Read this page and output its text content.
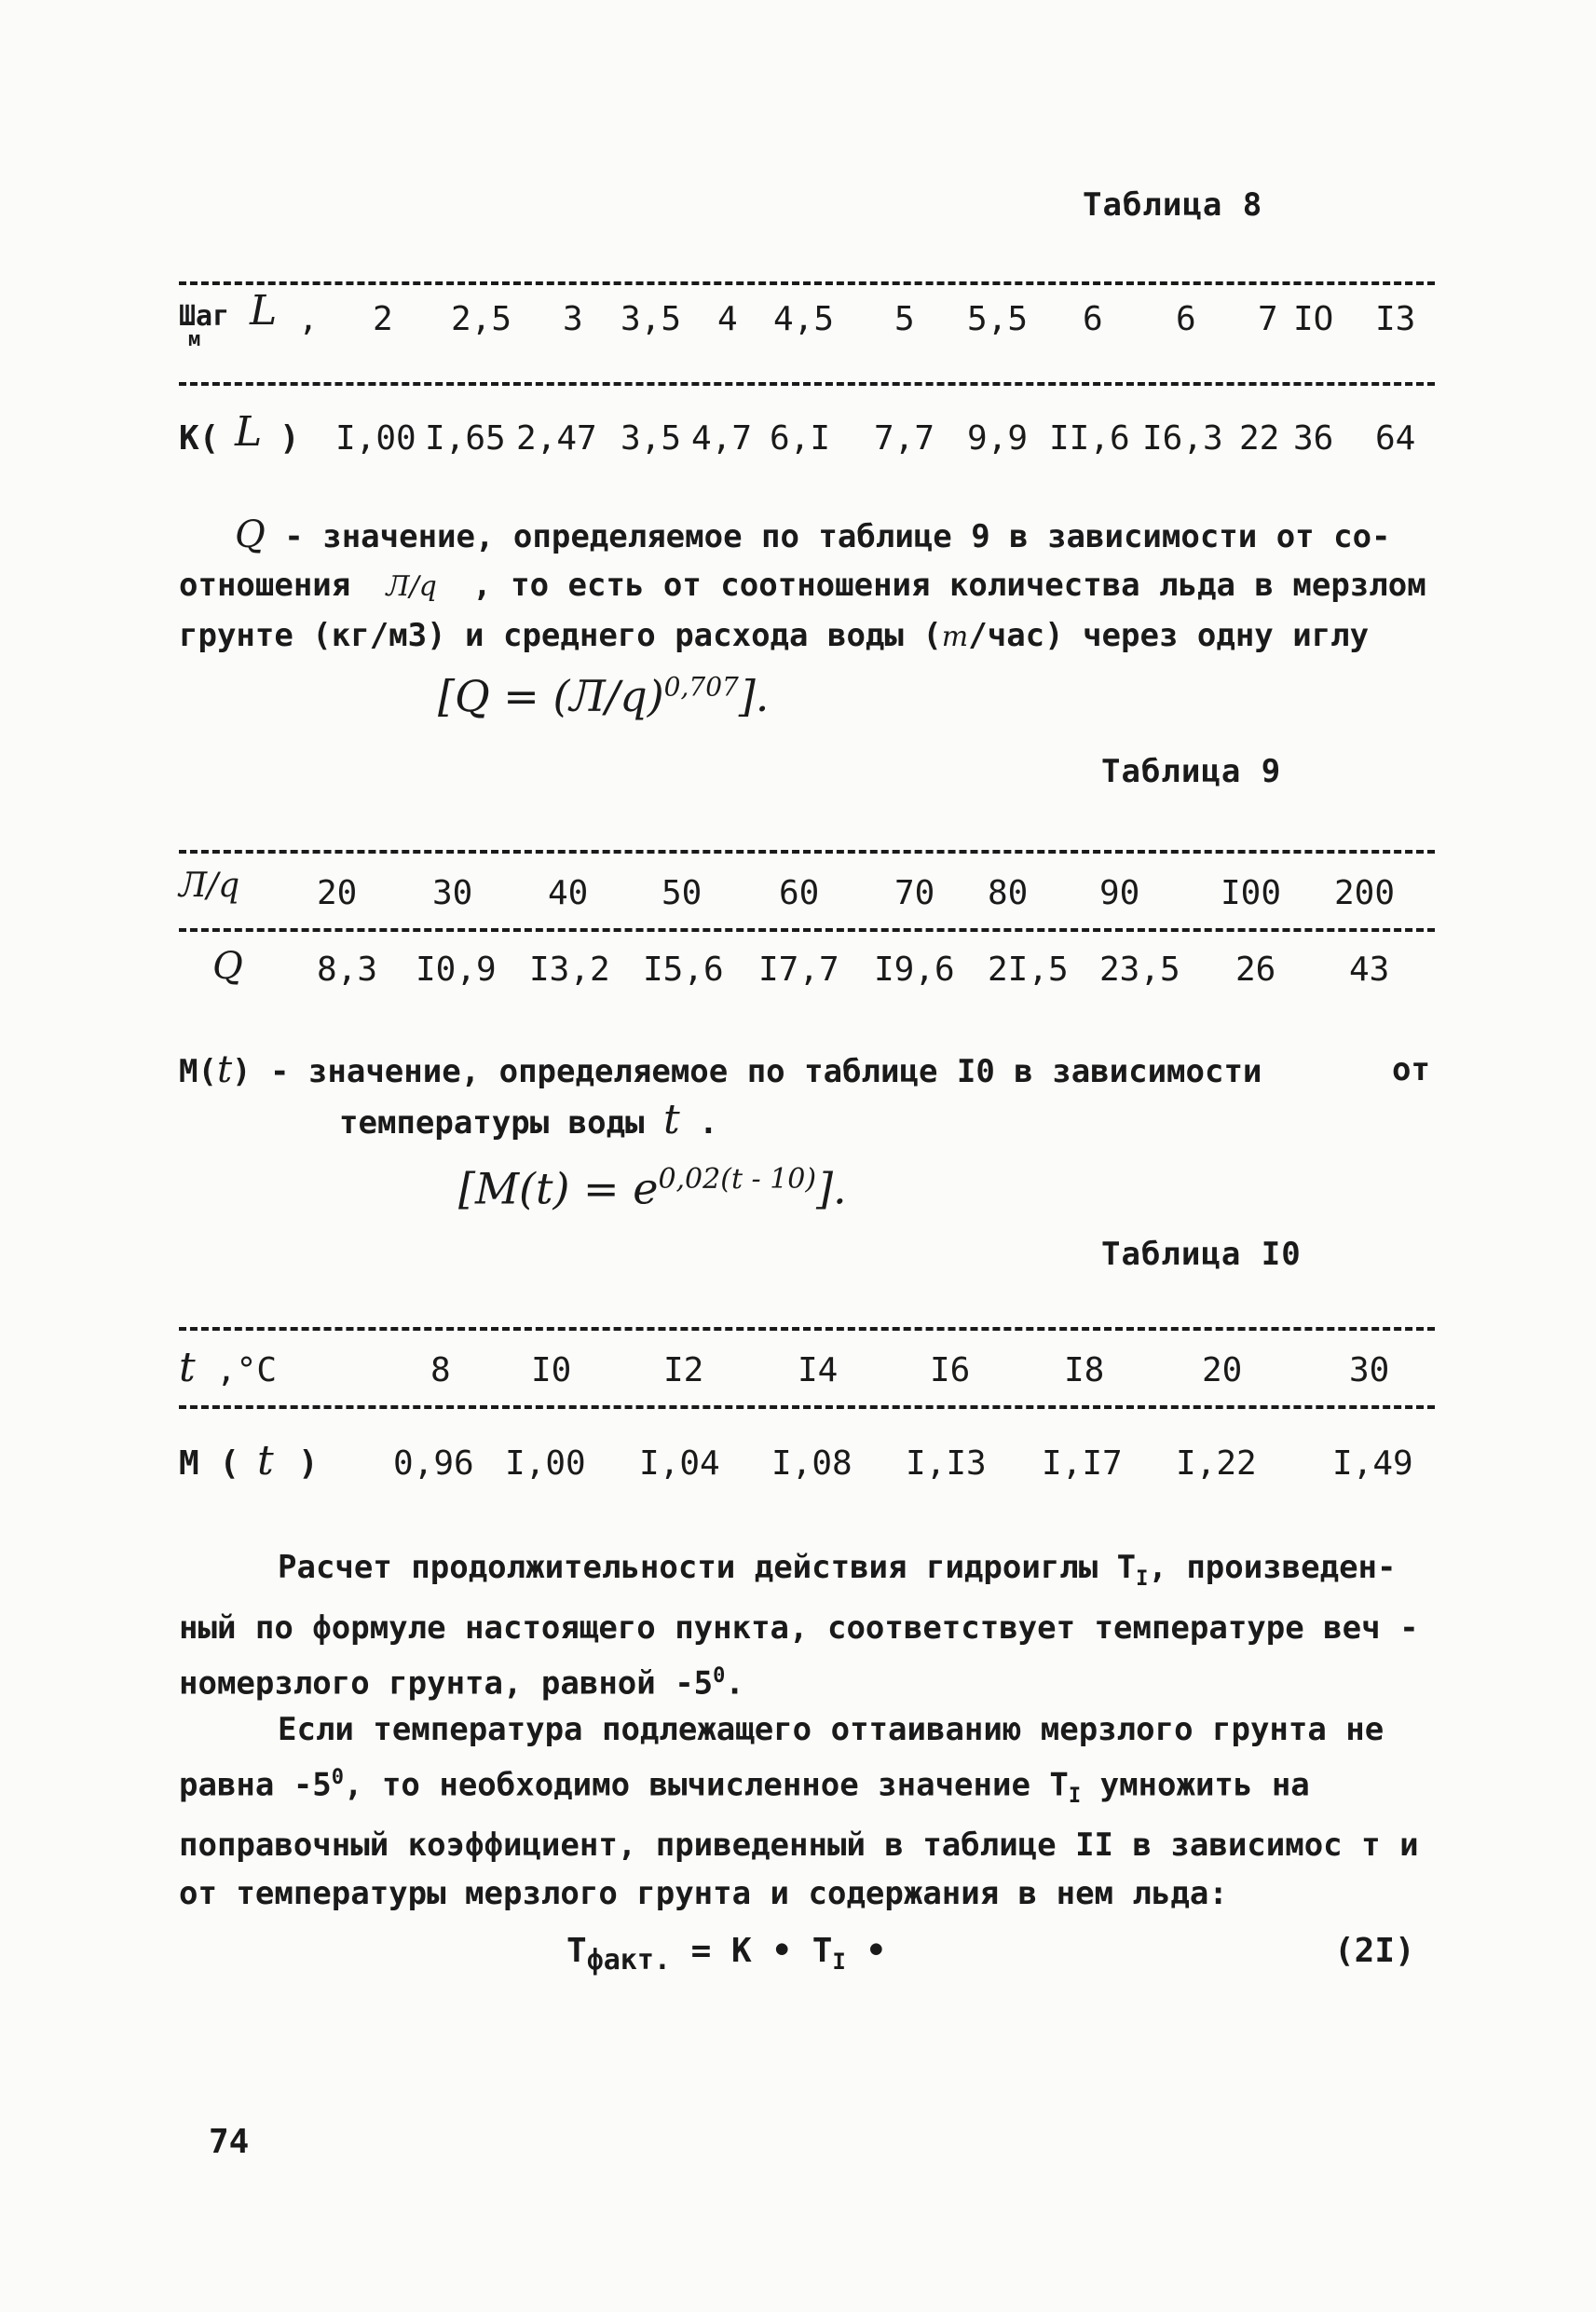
Таблица 8
Шаг
м
L , 2 2,5 3 3,5 4 4,5 5 5,5 6 6 7 IO I3
К( L ) I,00 I,65 2,47 3,5 4,7 6,I 7,7 9,9 II,6 I6,3 22 36 64
Q - значение, определяемое по таблице 9 в зависимости от со-
отношения Л/q , то есть от соотношения количества льда в мерзлом
грунте (кг/м3) и среднего расхода воды (m/час) через одну иглу
$[Q = (Л/q)^{0,707}]$.
Таблица 9
Л/q 20 30 40 50 60 70 80 90 I00 200
Q 8,3 I0,9 I3,2 I5,6 I7,7 I9,6 2I,5 23,5 26 43
М(t) - значение, определяемое по таблице I0 в зависимости	от
температуры воды t .
$[M(t) = e^{0,02(t - 10)}]$.
Таблица I0
t ,°С	8 I0	I2	I4	I6	I8	20	30
М ( t ) 0,96 I,00 I,04 I,08 I,I3 I,I7 I,22 I,49
Расчет продолжительности действия гидроиглы $Т_I$, произведен-
ный по формуле настоящего пункта, соответствует температуре веч -
номерзлого грунта, равной $-5^0$.
Если температура подлежащего оттаиванию мерзлого грунта не
равна $-5^0$, то необходимо вычисленное значение $Т_I$ умножить на
поправочный коэффициент, приведенный в таблице II в зависимос т и
от температуры мерзлого грунта и содержания в нем льда:
$Т_{факт.} = К$ • $Т_I$ •	(2I)
74
